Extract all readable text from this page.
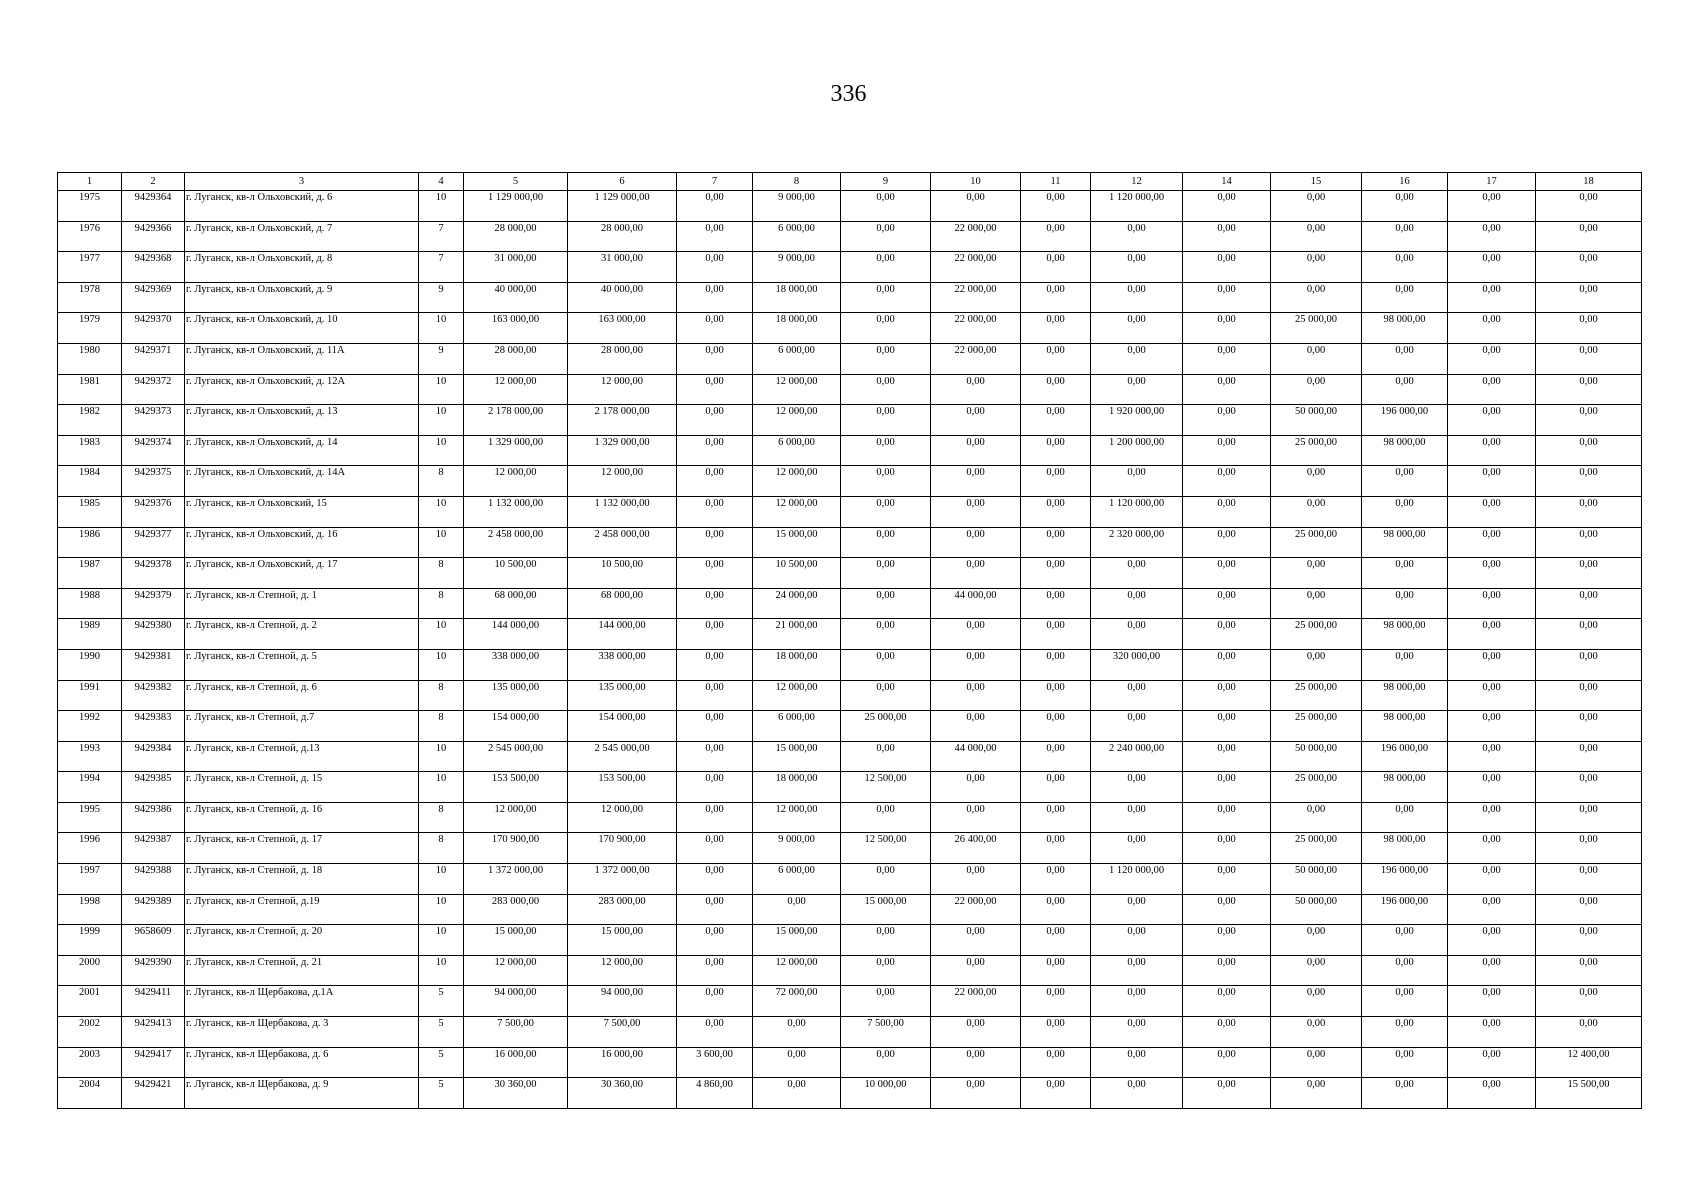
336
1	2	3	4	5	6	7	8	9	10	11	12	14	15	16	17	18
1975	9429364	г. Луганск, кв-л Ольховский, д. 6	10	1 129 000,00	1 129 000,00	0,00	9 000,00	0,00	0,00	0,00	1 120 000,00	0,00	0,00	0,00	0,00	0,00
1976	9429366	г. Луганск, кв-л Ольховский, д. 7	7	28 000,00	28 000,00	0,00	6 000,00	0,00	22 000,00	0,00	0,00	0,00	0,00	0,00	0,00	0,00
1977	9429368	г. Луганск, кв-л Ольховский, д. 8	7	31 000,00	31 000,00	0,00	9 000,00	0,00	22 000,00	0,00	0,00	0,00	0,00	0,00	0,00	0,00
1978	9429369	г. Луганск, кв-л Ольховский, д. 9	9	40 000,00	40 000,00	0,00	18 000,00	0,00	22 000,00	0,00	0,00	0,00	0,00	0,00	0,00	0,00
1979	9429370	г. Луганск, кв-л Ольховский, д. 10	10	163 000,00	163 000,00	0,00	18 000,00	0,00	22 000,00	0,00	0,00	0,00	25 000,00	98 000,00	0,00	0,00
1980	9429371	г. Луганск, кв-л Ольховский, д. 11А	9	28 000,00	28 000,00	0,00	6 000,00	0,00	22 000,00	0,00	0,00	0,00	0,00	0,00	0,00	0,00
1981	9429372	г. Луганск, кв-л Ольховский, д. 12А	10	12 000,00	12 000,00	0,00	12 000,00	0,00	0,00	0,00	0,00	0,00	0,00	0,00	0,00	0,00
1982	9429373	г. Луганск, кв-л Ольховский, д. 13	10	2 178 000,00	2 178 000,00	0,00	12 000,00	0,00	0,00	0,00	1 920 000,00	0,00	50 000,00	196 000,00	0,00	0,00
1983	9429374	г. Луганск, кв-л Ольховский, д. 14	10	1 329 000,00	1 329 000,00	0,00	6 000,00	0,00	0,00	0,00	1 200 000,00	0,00	25 000,00	98 000,00	0,00	0,00
1984	9429375	г. Луганск, кв-л Ольховский, д. 14А	8	12 000,00	12 000,00	0,00	12 000,00	0,00	0,00	0,00	0,00	0,00	0,00	0,00	0,00	0,00
1985	9429376	г. Луганск, кв-л Ольховский, 15	10	1 132 000,00	1 132 000,00	0,00	12 000,00	0,00	0,00	0,00	1 120 000,00	0,00	0,00	0,00	0,00	0,00
1986	9429377	г. Луганск, кв-л Ольховский, д. 16	10	2 458 000,00	2 458 000,00	0,00	15 000,00	0,00	0,00	0,00	2 320 000,00	0,00	25 000,00	98 000,00	0,00	0,00
1987	9429378	г. Луганск, кв-л Ольховский, д. 17	8	10 500,00	10 500,00	0,00	10 500,00	0,00	0,00	0,00	0,00	0,00	0,00	0,00	0,00	0,00
1988	9429379	г. Луганск, кв-л Степной, д. 1	8	68 000,00	68 000,00	0,00	24 000,00	0,00	44 000,00	0,00	0,00	0,00	0,00	0,00	0,00	0,00
1989	9429380	г. Луганск, кв-л Степной, д. 2	10	144 000,00	144 000,00	0,00	21 000,00	0,00	0,00	0,00	0,00	0,00	25 000,00	98 000,00	0,00	0,00
1990	9429381	г. Луганск, кв-л Степной, д. 5	10	338 000,00	338 000,00	0,00	18 000,00	0,00	0,00	0,00	320 000,00	0,00	0,00	0,00	0,00	0,00
1991	9429382	г. Луганск, кв-л Степной, д. 6	8	135 000,00	135 000,00	0,00	12 000,00	0,00	0,00	0,00	0,00	0,00	25 000,00	98 000,00	0,00	0,00
1992	9429383	г. Луганск, кв-л Степной, д.7	8	154 000,00	154 000,00	0,00	6 000,00	25 000,00	0,00	0,00	0,00	0,00	25 000,00	98 000,00	0,00	0,00
1993	9429384	г. Луганск, кв-л Степной, д.13	10	2 545 000,00	2 545 000,00	0,00	15 000,00	0,00	44 000,00	0,00	2 240 000,00	0,00	50 000,00	196 000,00	0,00	0,00
1994	9429385	г. Луганск, кв-л Степной, д. 15	10	153 500,00	153 500,00	0,00	18 000,00	12 500,00	0,00	0,00	0,00	0,00	25 000,00	98 000,00	0,00	0,00
1995	9429386	г. Луганск, кв-л Степной, д. 16	8	12 000,00	12 000,00	0,00	12 000,00	0,00	0,00	0,00	0,00	0,00	0,00	0,00	0,00	0,00
1996	9429387	г. Луганск, кв-л Степной, д. 17	8	170 900,00	170 900,00	0,00	9 000,00	12 500,00	26 400,00	0,00	0,00	0,00	25 000,00	98 000,00	0,00	0,00
1997	9429388	г. Луганск, кв-л Степной, д. 18	10	1 372 000,00	1 372 000,00	0,00	6 000,00	0,00	0,00	0,00	1 120 000,00	0,00	50 000,00	196 000,00	0,00	0,00
1998	9429389	г. Луганск, кв-л Степной, д.19	10	283 000,00	283 000,00	0,00	0,00	15 000,00	22 000,00	0,00	0,00	0,00	50 000,00	196 000,00	0,00	0,00
1999	9658609	г. Луганск, кв-л Степной, д. 20	10	15 000,00	15 000,00	0,00	15 000,00	0,00	0,00	0,00	0,00	0,00	0,00	0,00	0,00	0,00
2000	9429390	г. Луганск, кв-л Степной, д. 21	10	12 000,00	12 000,00	0,00	12 000,00	0,00	0,00	0,00	0,00	0,00	0,00	0,00	0,00	0,00
2001	9429411	г. Луганск, кв-л Щербакова, д.1А	5	94 000,00	94 000,00	0,00	72 000,00	0,00	22 000,00	0,00	0,00	0,00	0,00	0,00	0,00	0,00
2002	9429413	г. Луганск, кв-л Щербакова, д. 3	5	7 500,00	7 500,00	0,00	0,00	7 500,00	0,00	0,00	0,00	0,00	0,00	0,00	0,00	0,00
2003	9429417	г. Луганск, кв-л Щербакова, д. 6	5	16 000,00	16 000,00	3 600,00	0,00	0,00	0,00	0,00	0,00	0,00	0,00	0,00	0,00	12 400,00
2004	9429421	г. Луганск, кв-л Щербакова, д. 9	5	30 360,00	30 360,00	4 860,00	0,00	10 000,00	0,00	0,00	0,00	0,00	0,00	0,00	0,00	15 500,00
